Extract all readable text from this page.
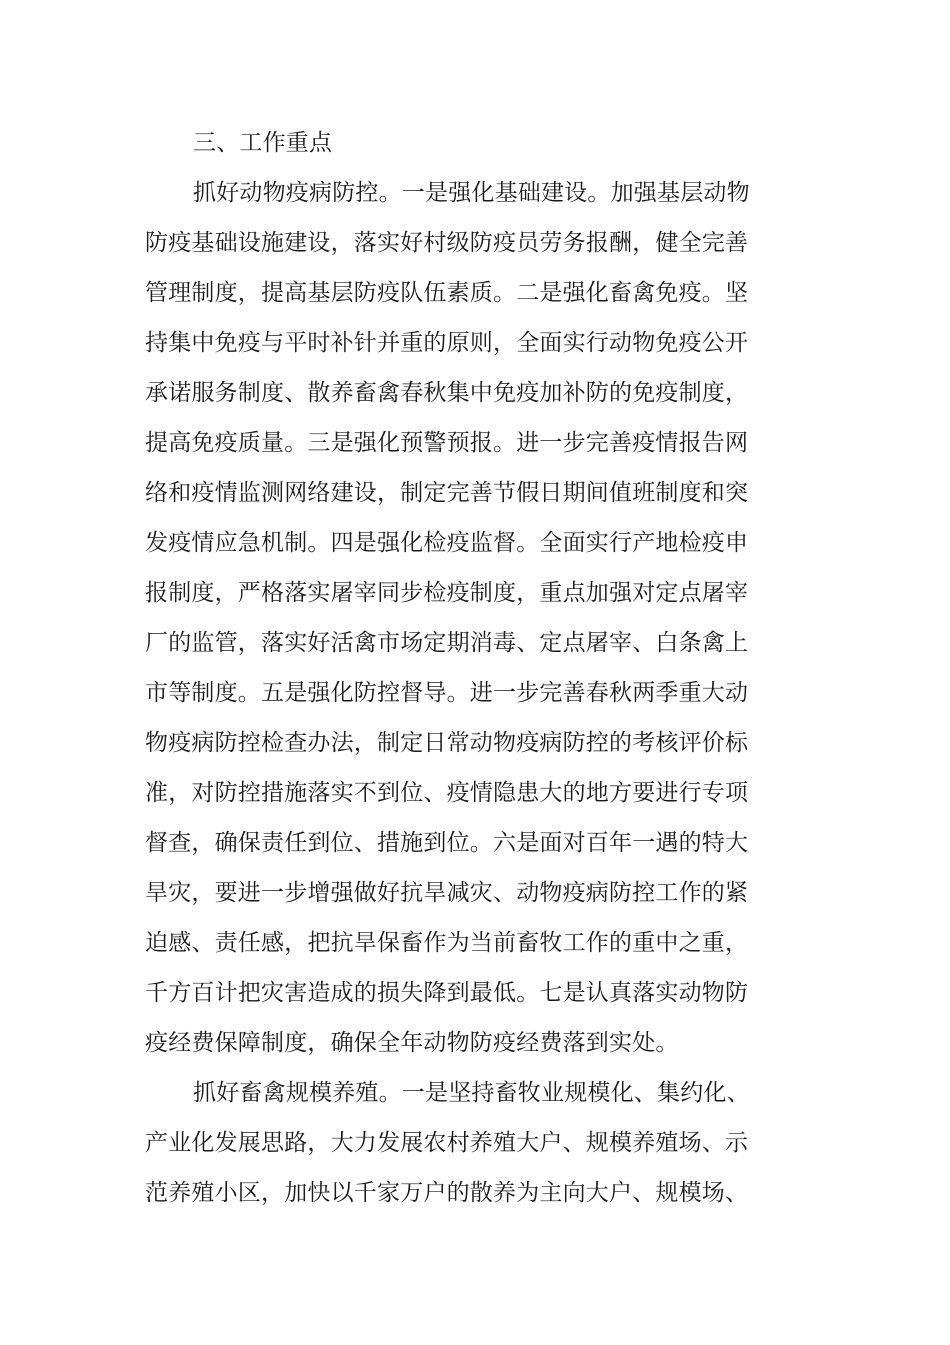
三、工作重点
抓好动物疫病防控。一是强化基础建设。加强基层动物
防疫基础设施建设，落实好村级防疫员劳务报酬，健全完善
管理制度，提高基层防疫队伍素质。二是强化畜禽免疫。坚
持集中免疫与平时补针并重的原则，全面实行动物免疫公开
承诺服务制度、散养畜禽春秋集中免疫加补防的免疫制度，
提高免疫质量。三是强化预警预报。进一步完善疫情报告网
络和疫情监测网络建设，制定完善节假日期间值班制度和突
发疫情应急机制。四是强化检疫监督。全面实行产地检疫申
报制度，严格落实屠宰同步检疫制度，重点加强对定点屠宰
厂的监管，落实好活禽市场定期消毒、定点屠宰、白条禽上
市等制度。五是强化防控督导。进一步完善春秋两季重大动
物疫病防控检查办法，制定日常动物疫病防控的考核评价标
准，对防控措施落实不到位、疫情隐患大的地方要进行专项
督查，确保责任到位、措施到位。六是面对百年一遇的特大
旱灾，要进一步增强做好抗旱减灾、动物疫病防控工作的紧
迫感、责任感，把抗旱保畜作为当前畜牧工作的重中之重，
千方百计把灾害造成的损失降到最低。七是认真落实动物防
疫经费保障制度，确保全年动物防疫经费落到实处。
抓好畜禽规模养殖。一是坚持畜牧业规模化、集约化、
产业化发展思路，大力发展农村养殖大户、规模养殖场、示
范养殖小区，加快以千家万户的散养为主向大户、规模场、
